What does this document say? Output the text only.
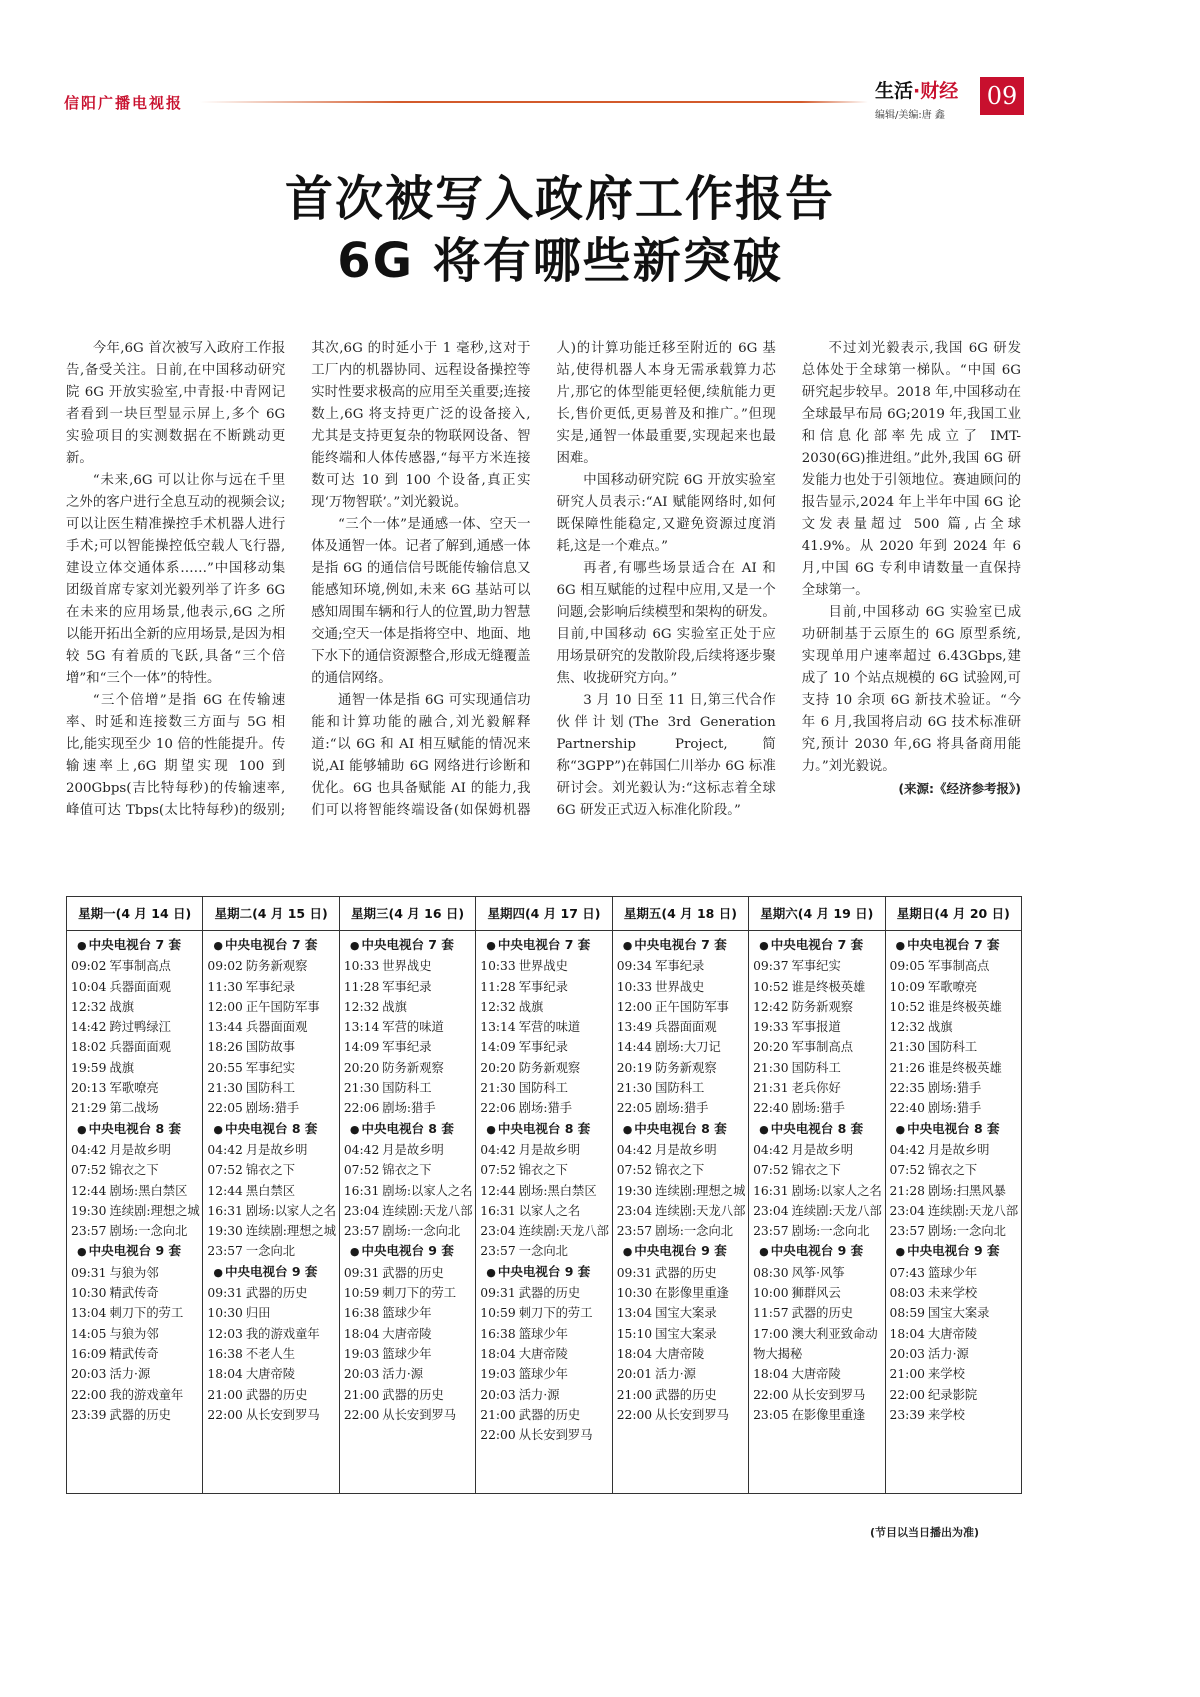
信阳广播电视报
生活·财经
编辑/美编:唐 鑫
09
首次被写入政府工作报告
6G 将有哪些新突破

今年,6G 首次被写入政府工作报告,备受关注。日前,在中国移动研究院 6G 开放实验室,中青报·中青网记者看到一块巨型显示屏上,多个 6G 实验项目的实测数据在不断跳动更新。

“未来,6G 可以让你与远在千里之外的客户进行全息互动的视频会议;可以让医生精准操控手术机器人进行手术;可以智能操控低空载人飞行器,建设立体交通体系……”中国移动集团级首席专家刘光毅列举了许多 6G 在未来的应用场景,他表示,6G 之所以能开拓出全新的应用场景,是因为相较 5G 有着质的飞跃,具备“三个倍增”和“三个一体”的特性。

“三个倍增”是指 6G 在传输速率、时延和连接数三方面与 5G 相比,能实现至少 10 倍的性能提升。传输速率上,6G 期望实现 100 到 200Gbps(吉比特每秒)的传输速率,峰值可达 Tbps(太比特每秒)的级别;其次,6G 的时延小于 1 毫秒,这对于工厂内的机器协同、远程设备操控等实时性要求极高的应用至关重要;连接数上,6G 将支持更广泛的设备接入,尤其是支持更复杂的物联网设备、智能终端和人体传感器,“每平方米连接数可达 10 到 100 个设备,真正实现‘万物智联’。”刘光毅说。

“三个一体”是通感一体、空天一体及通智一体。记者了解到,通感一体是指 6G 的通信信号既能传输信息又能感知环境,例如,未来 6G 基站可以感知周围车辆和行人的位置,助力智慧交通;空天一体是指将空中、地面、地下水下的通信资源整合,形成无缝覆盖的通信网络。

通智一体是指 6G 可实现通信功能和计算功能的融合,刘光毅解释道:“以 6G 和 AI 相互赋能的情况来说,AI 能够辅助 6G 网络进行诊断和优化。6G 也具备赋能 AI 的能力,我们可以将智能终端设备(如保姆机器人)的计算功能迁移至附近的 6G 基站,使得机器人本身无需承载算力芯片,那它的体型能更轻便,续航能力更长,售价更低,更易普及和推广。”但现实是,通智一体最重要,实现起来也最困难。

中国移动研究院 6G 开放实验室研究人员表示:“AI 赋能网络时,如何既保障性能稳定,又避免资源过度消耗,这是一个难点。”

再者,有哪些场景适合在 AI 和 6G 相互赋能的过程中应用,又是一个问题,会影响后续模型和架构的研发。目前,中国移动 6G 实验室正处于应用场景研究的发散阶段,后续将逐步聚焦、收拢研究方向。”

3 月 10 日至 11 日,第三代合作伙伴计划(The 3rd Generation Partnership Project,简称“3GPP”)在韩国仁川举办 6G 标准研讨会。刘光毅认为:“这标志着全球 6G 研发正式迈入标准化阶段。”

不过刘光毅表示,我国 6G 研发总体处于全球第一梯队。“中国 6G 研究起步较早。2018 年,中国移动在全球最早布局 6G;2019 年,我国工业和信息化部率先成立了 IMT-2030(6G)推进组。”此外,我国 6G 研发能力也处于引领地位。赛迪顾问的报告显示,2024 年上半年中国 6G 论文发表量超过 500 篇,占全球 41.9%。从 2020 年到 2024 年 6 月,中国 6G 专利申请数量一直保持全球第一。

目前,中国移动 6G 实验室已成功研制基于云原生的 6G 原型系统,实现单用户速率超过 6.43Gbps,建成了 10 个站点规模的 6G 试验网,可支持 10 余项 6G 新技术验证。“今年 6 月,我国将启动 6G 技术标准研究,预计 2030 年,6G 将具备商用能力。”刘光毅说。

(来源:《经济参考报》)

星期一(4 月 14 日)
● 中央电视台 7 套
09:02 军事制高点
10:04 兵器面面观
12:32 战旗
14:42 跨过鸭绿江
18:02 兵器面面观
19:59 战旗
20:13 军歌嘹亮
21:29 第二战场
● 中央电视台 8 套
04:42 月是故乡明
07:52 锦衣之下
12:44 剧场:黑白禁区
19:30 连续剧:理想之城
23:57 剧场:一念向北
● 中央电视台 9 套
09:31 与狼为邻
10:30 精武传奇
13:04 刺刀下的劳工
14:05 与狼为邻
16:09 精武传奇
20:03 活力·源
22:00 我的游戏童年
23:39 武器的历史
星期二(4 月 15 日)
● 中央电视台 7 套
09:02 防务新观察
11:30 军事纪录
12:00 正午国防军事
13:44 兵器面面观
18:26 国防故事
20:55 军事纪实
21:30 国防科工
22:05 剧场:猎手
● 中央电视台 8 套
04:42 月是故乡明
07:52 锦衣之下
12:44 黑白禁区
16:31 剧场:以家人之名
19:30 连续剧:理想之城
23:57 一念向北
● 中央电视台 9 套
09:31 武器的历史
10:30 归田
12:03 我的游戏童年
16:38 不老人生
18:04 大唐帝陵
21:00 武器的历史
22:00 从长安到罗马
星期三(4 月 16 日)
● 中央电视台 7 套
10:33 世界战史
11:28 军事纪录
12:32 战旗
13:14 军营的味道
14:09 军事纪录
20:20 防务新观察
21:30 国防科工
22:06 剧场:猎手
● 中央电视台 8 套
04:42 月是故乡明
07:52 锦衣之下
16:31 剧场:以家人之名
23:04 连续剧:天龙八部
23:57 剧场:一念向北
● 中央电视台 9 套
09:31 武器的历史
10:59 刺刀下的劳工
16:38 篮球少年
18:04 大唐帝陵
19:03 篮球少年
20:03 活力·源
21:00 武器的历史
22:00 从长安到罗马
星期四(4 月 17 日)
● 中央电视台 7 套
10:33 世界战史
11:28 军事纪录
12:32 战旗
13:14 军营的味道
14:09 军事纪录
20:20 防务新观察
21:30 国防科工
22:06 剧场:猎手
● 中央电视台 8 套
04:42 月是故乡明
07:52 锦衣之下
12:44 剧场:黑白禁区
16:31 以家人之名
23:04 连续剧:天龙八部
23:57 一念向北
● 中央电视台 9 套
09:31 武器的历史
10:59 刺刀下的劳工
16:38 篮球少年
18:04 大唐帝陵
19:03 篮球少年
20:03 活力·源
21:00 武器的历史
22:00 从长安到罗马
星期五(4 月 18 日)
● 中央电视台 7 套
09:34 军事纪录
10:33 世界战史
12:00 正午国防军事
13:49 兵器面面观
14:44 剧场:大刀记
20:19 防务新观察
21:30 国防科工
22:05 剧场:猎手
● 中央电视台 8 套
04:42 月是故乡明
07:52 锦衣之下
19:30 连续剧:理想之城
23:04 连续剧:天龙八部
23:57 剧场:一念向北
● 中央电视台 9 套
09:31 武器的历史
10:30 在影像里重逢
13:04 国宝大案录
15:10 国宝大案录
18:04 大唐帝陵
20:01 活力·源
21:00 武器的历史
22:00 从长安到罗马
星期六(4 月 19 日)
● 中央电视台 7 套
09:37 军事纪实
10:52 谁是终极英雄
12:42 防务新观察
19:33 军事报道
20:20 军事制高点
21:30 国防科工
21:31 老兵你好
22:40 剧场:猎手
● 中央电视台 8 套
04:42 月是故乡明
07:52 锦衣之下
16:31 剧场:以家人之名
23:04 连续剧:天龙八部
23:57 剧场:一念向北
● 中央电视台 9 套
08:30 风筝·风筝
10:00 狮群风云
11:57 武器的历史
17:00 澳大利亚致命动物大揭秘
18:04 大唐帝陵
22:00 从长安到罗马
23:05 在影像里重逢
星期日(4 月 20 日)
● 中央电视台 7 套
09:05 军事制高点
10:09 军歌嘹亮
10:52 谁是终极英雄
12:32 战旗
21:30 国防科工
21:26 谁是终极英雄
22:35 剧场:猎手
22:40 剧场:猎手
● 中央电视台 8 套
04:42 月是故乡明
07:52 锦衣之下
21:28 剧场:扫黑风暴
23:04 连续剧:天龙八部
23:57 剧场:一念向北
● 中央电视台 9 套
07:43 篮球少年
08:03 未来学校
08:59 国宝大案录
18:04 大唐帝陵
20:03 活力·源
21:00 来学校
22:00 纪录影院
23:39 来学校
(节目以当日播出为准)
